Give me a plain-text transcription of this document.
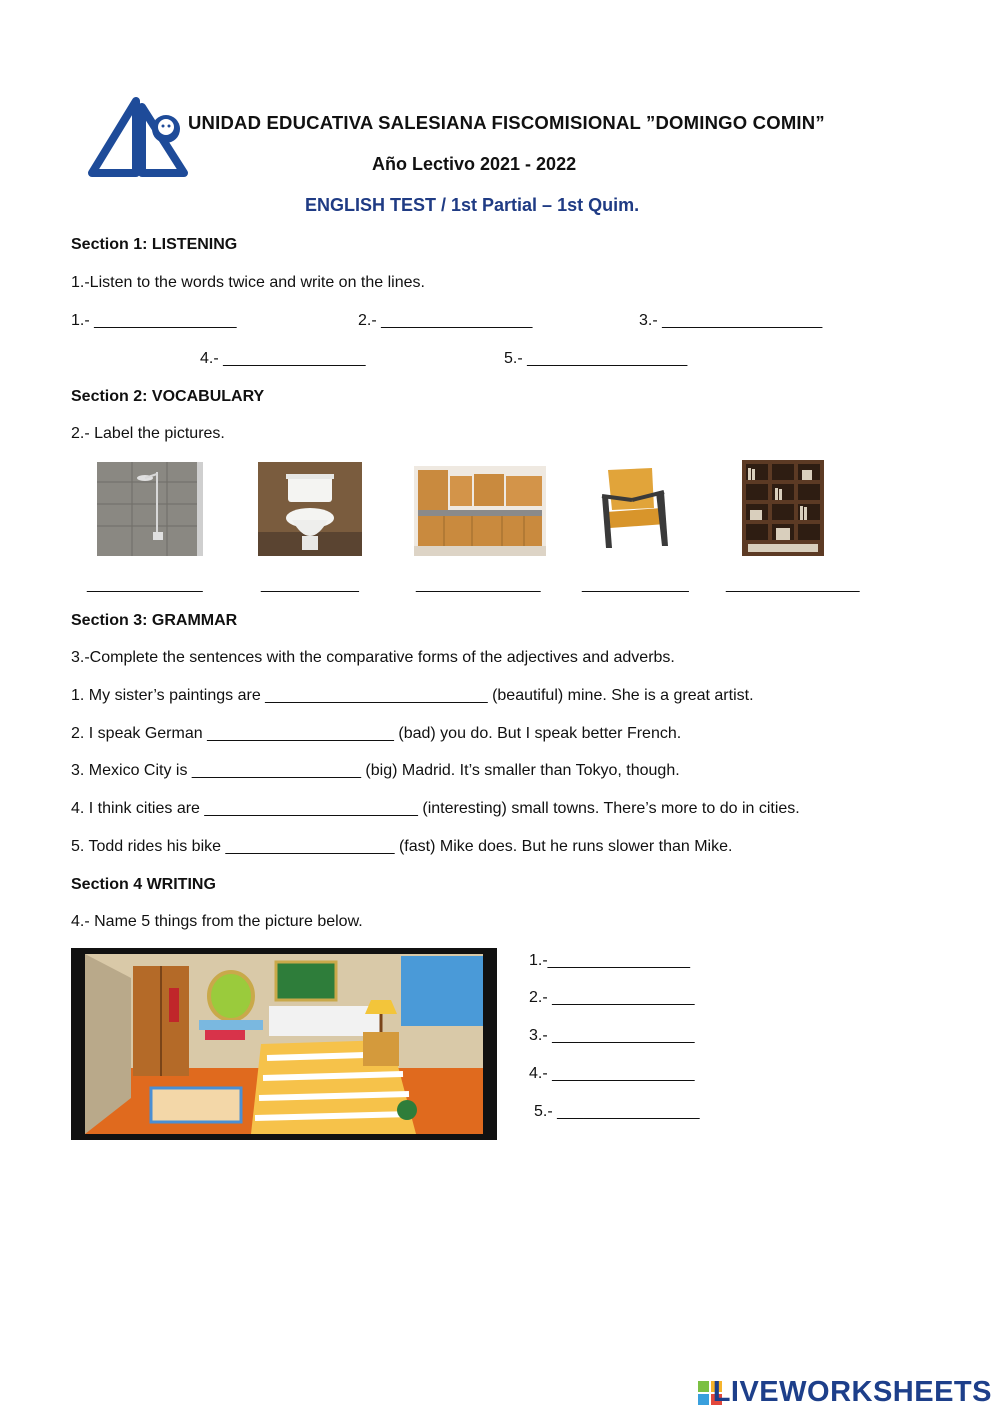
UNIDAD EDUCATIVA SALESIANA FISCOMISIONAL ”DOMINGO COMIN”
Año Lectivo 2021 - 2022
ENGLISH TEST / 1st Partial – 1st Quim.
Section 1: LISTENING
1.-Listen to the words twice and write on the lines.
1.- ________________	2.- _________________	3.- __________________
4.- ________________	5.- __________________
Section 2: VOCABULARY
2.- Label the pictures.
_____________	___________	______________	____________ _______________
Section 3: GRAMMAR
3.-Complete the sentences with the comparative forms of the adjectives and adverbs.
1. My sister’s paintings are _________________________ (beautiful) mine. She is a great artist.
2. I speak German _____________________ (bad) you do. But I speak better French.
3. Mexico City is ___________________ (big) Madrid. It’s smaller than Tokyo, though.
4. I think cities are ________________________ (interesting) small towns. There’s more to do in cities.
5. Todd rides his bike ___________________ (fast) Mike does. But he runs slower than Mike.
Section 4 WRITING
4.- Name 5 things from the picture below.
1.-________________
2.- ________________
3.- ________________
4.- ________________
5.- ________________
LIVEWORKSHEETS
